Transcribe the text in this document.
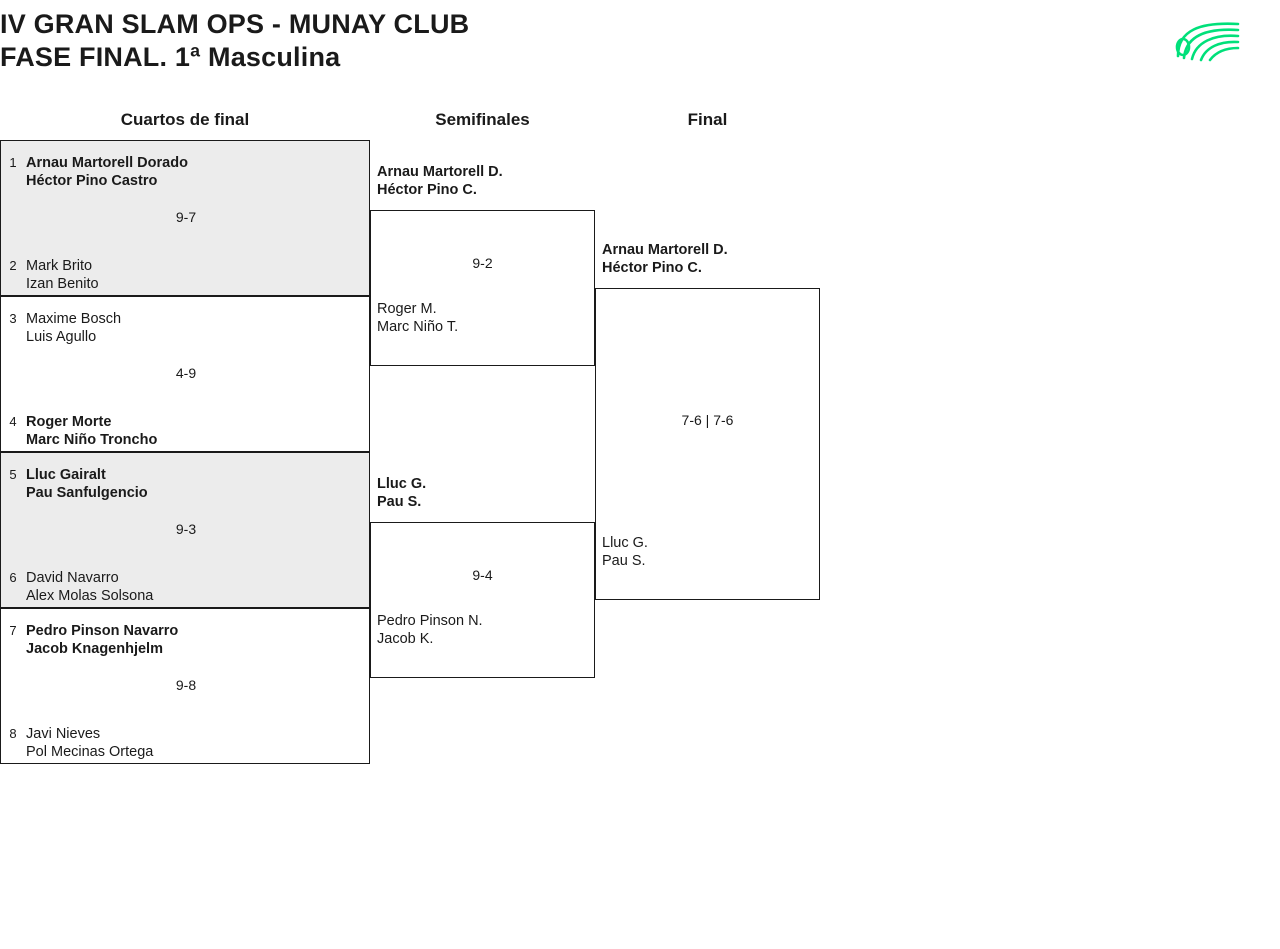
IV GRAN SLAM OPS - MUNAY CLUB
FASE FINAL. 1ª Masculina
Cuartos de final	Semifinales	Final
1 Arnau Martorell Dorado
Héctor Pino Castro
9-7
2 Mark Brito
Izan Benito
3 Maxime Bosch
Luis Agullo
4-9
4 Roger Morte
Marc Niño Troncho
5 Lluc Gairalt
Pau Sanfulgencio
9-3
6 David Navarro
Alex Molas Solsona
7 Pedro Pinson Navarro
Jacob Knagenhjelm
9-8
8 Javi Nieves
Pol Mecinas Ortega
Arnau Martorell D.
Héctor Pino C.
9-2
Roger M.
Marc Niño T.
Lluc G.
Pau S.
9-4
Pedro Pinson N.
Jacob K.
Arnau Martorell D.
Héctor Pino C.
7-6 | 7-6
Lluc G.
Pau S.
